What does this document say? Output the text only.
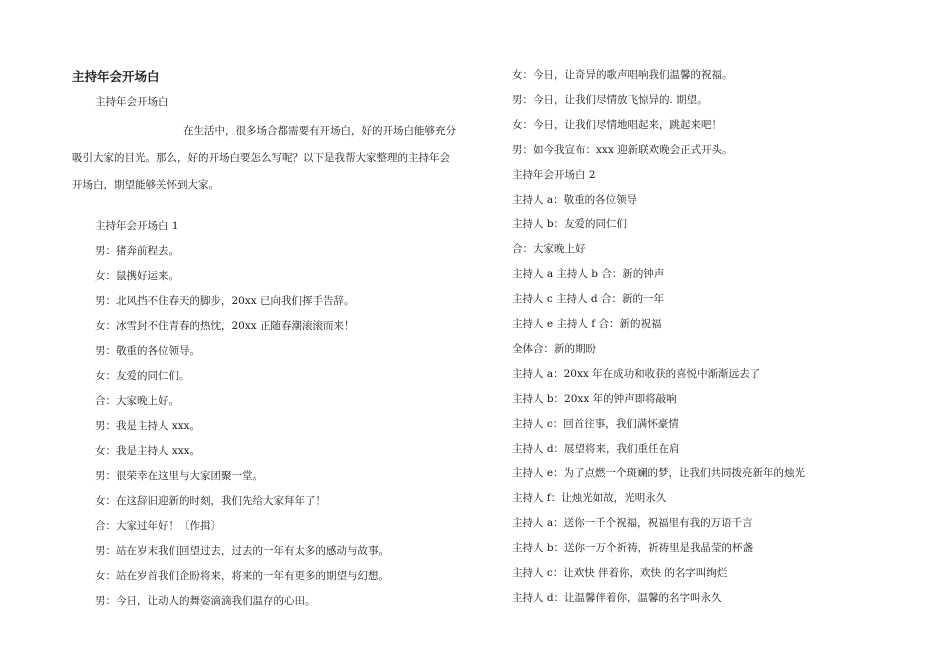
主持年会开场白
主持年会开场白

在生活中，很多场合都需要有开场白，好的开场白能够充分吸引大家的目光。那么，好的开场白要怎么写呢？以下是我帮大家整理的主持年会开场白，期望能够关怀到大家。

主持年会开场白 1
男：猪奔前程去。
女：鼠携好运来。
男：北风挡不住春天的脚步，20xx 已向我们挥手告辞。
女：冰雪封不住青春的热忱，20xx 正随春潮滚滚而来！
男：敬重的各位领导。
女：友爱的同仁们。
合：大家晚上好。
男：我是主持人 xxx。
女：我是主持人 xxx。
男：很荣幸在这里与大家团聚一堂。
女：在这辞旧迎新的时刻，我们先给大家拜年了！
合：大家过年好！〔作揖〕
男：站在岁末我们回望过去，过去的一年有太多的感动与故事。
女：站在岁首我们企盼将来，将来的一年有更多的期望与幻想。
男：今日，让动人的舞姿滴滴我们温存的心田。
女：今日，让奇异的歌声唱响我们温馨的祝福。
男：今日，让我们尽情放飞惊异的. 期望。
女：今日，让我们尽情地唱起来，跳起来吧！
男：如今我宣布：xxx 迎新联欢晚会正式开头。
主持年会开场白 2
主持人 a：敬重的各位领导
主持人 b：友爱的同仁们
合：大家晚上好
主持人 a 主持人 b 合：新的钟声
主持人 c 主持人 d 合：新的一年
主持人 e 主持人 f 合：新的祝福
全体合：新的期盼
主持人 a：20xx 年在成功和收获的喜悦中渐渐远去了
主持人 b：20xx 年的钟声即将敲响
主持人 c：回首往事，我们满怀豪情
主持人 d：展望将来，我们重任在肩
主持人 e：为了点燃一个斑斓的梦，让我们共同拨亮新年的烛光
主持人 f：让烛光如故，光明永久
主持人 a：送你一千个祝福，祝福里有我的万语千言
主持人 b：送你一万个祈祷，祈祷里是我晶莹的杯盏
主持人 c：让欢快 伴着你，欢快 的名字叫绚烂
主持人 d：让温馨伴着你，温馨的名字叫永久
